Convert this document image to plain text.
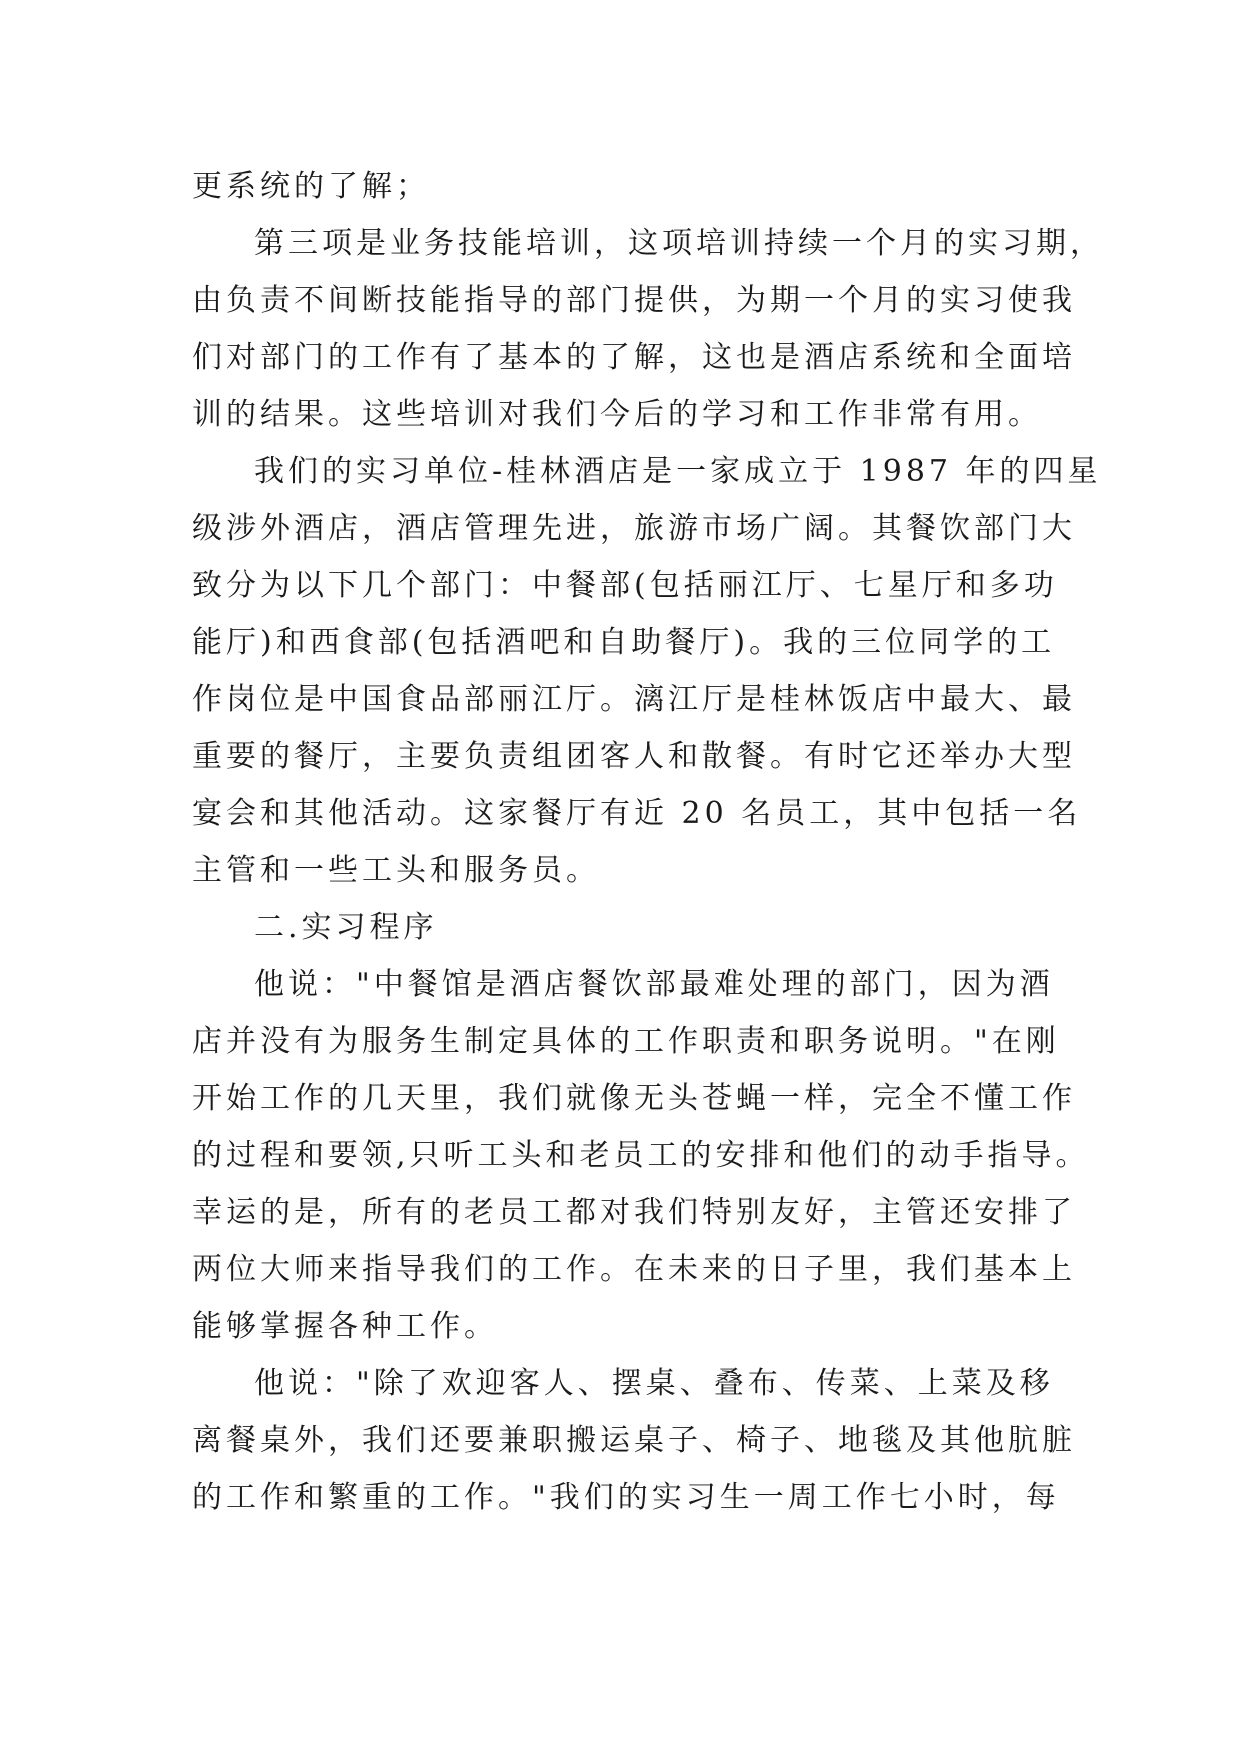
更系统的了解；
第三项是业务技能培训，这项培训持续一个月的实习期，
由负责不间断技能指导的部门提供，为期一个月的实习使我
们对部门的工作有了基本的了解，这也是酒店系统和全面培
训的结果。这些培训对我们今后的学习和工作非常有用。
我们的实习单位-桂林酒店是一家成立于 1987 年的四星
级涉外酒店，酒店管理先进，旅游市场广阔。其餐饮部门大
致分为以下几个部门：中餐部(包括丽江厅、七星厅和多功
能厅)和西食部(包括酒吧和自助餐厅)。我的三位同学的工
作岗位是中国食品部丽江厅。漓江厅是桂林饭店中最大、最
重要的餐厅，主要负责组团客人和散餐。有时它还举办大型
宴会和其他活动。这家餐厅有近 20 名员工，其中包括一名
主管和一些工头和服务员。
二.实习程序
他说："中餐馆是酒店餐饮部最难处理的部门，因为酒
店并没有为服务生制定具体的工作职责和职务说明。"在刚
开始工作的几天里，我们就像无头苍蝇一样，完全不懂工作
的过程和要领,只听工头和老员工的安排和他们的动手指导。
幸运的是，所有的老员工都对我们特别友好，主管还安排了
两位大师来指导我们的工作。在未来的日子里，我们基本上
能够掌握各种工作。
他说："除了欢迎客人、摆桌、叠布、传菜、上菜及移
离餐桌外，我们还要兼职搬运桌子、椅子、地毯及其他肮脏
的工作和繁重的工作。"我们的实习生一周工作七小时，每
